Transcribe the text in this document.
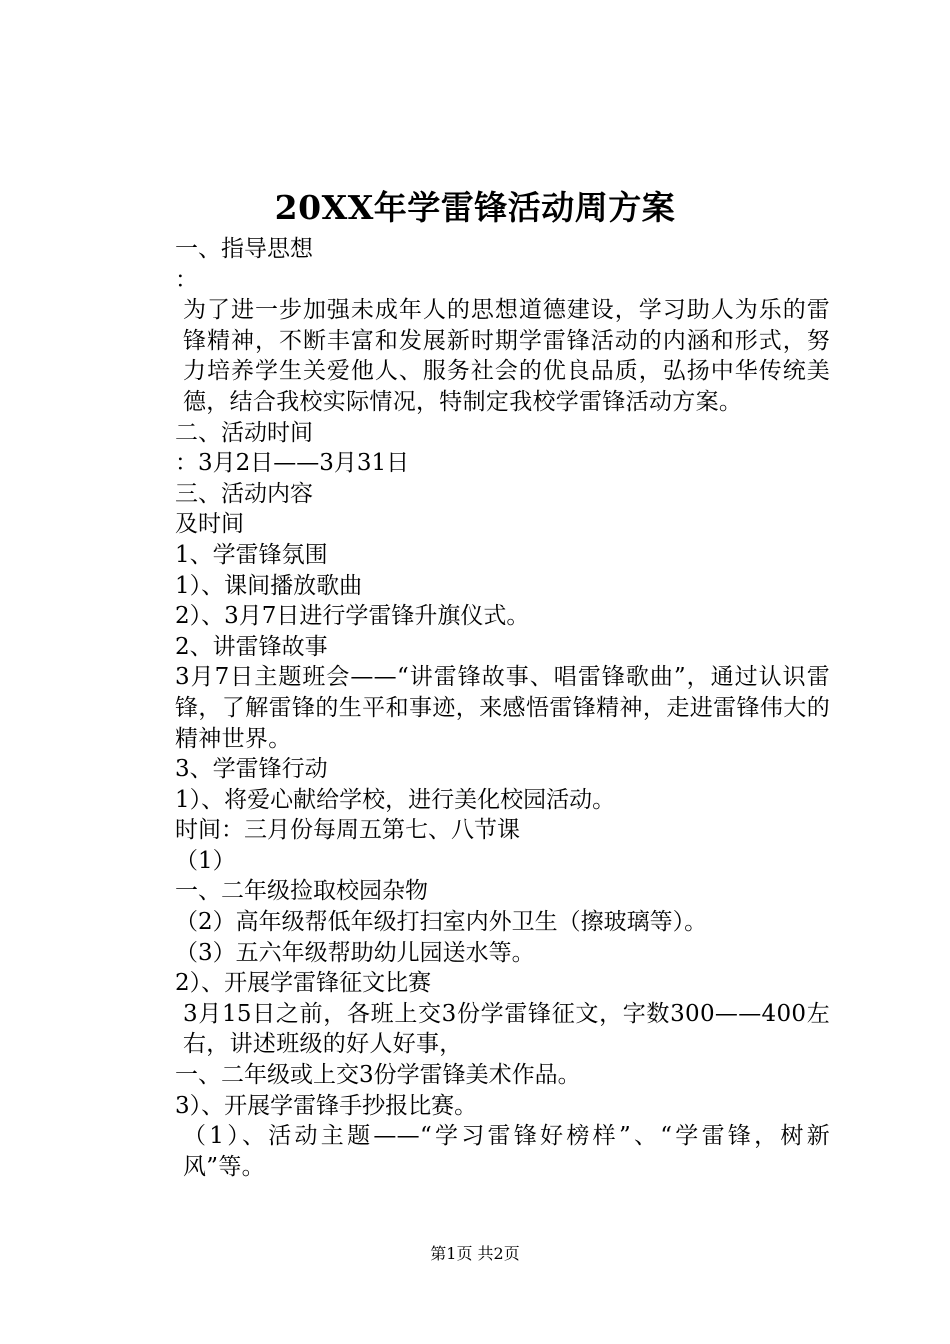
20XX年学雷锋活动周方案

一、指导思想

：

为了进一步加强未成年人的思想道德建设，学习助人为乐的雷锋精神，不断丰富和发展新时期学雷锋活动的内涵和形式，努力培养学生关爱他人、服务社会的优良品质，弘扬中华传统美德，结合我校实际情况，特制定我校学雷锋活动方案。

二、活动时间

：3月2日——3月31日

三、活动内容

及时间

1、学雷锋氛围

1）、课间播放歌曲

2）、3月7日进行学雷锋升旗仪式。

2、讲雷锋故事

3月7日主题班会——“讲雷锋故事、唱雷锋歌曲”，通过认识雷锋，了解雷锋的生平和事迹，来感悟雷锋精神，走进雷锋伟大的精神世界。

3、学雷锋行动

1）、将爱心献给学校，进行美化校园活动。

时间：三月份每周五第七、八节课

（1）

一、二年级捡取校园杂物

（2）高年级帮低年级打扫室内外卫生（擦玻璃等）。

（3）五六年级帮助幼儿园送水等。

2）、开展学雷锋征文比赛

3月15日之前，各班上交3份学雷锋征文，字数300——400左右，讲述班级的好人好事，

一、二年级或上交3份学雷锋美术作品。

3）、开展学雷锋手抄报比赛。

（1）、活动主题——“学习雷锋好榜样”、“学雷锋，树新风”等。

第1页 共2页
